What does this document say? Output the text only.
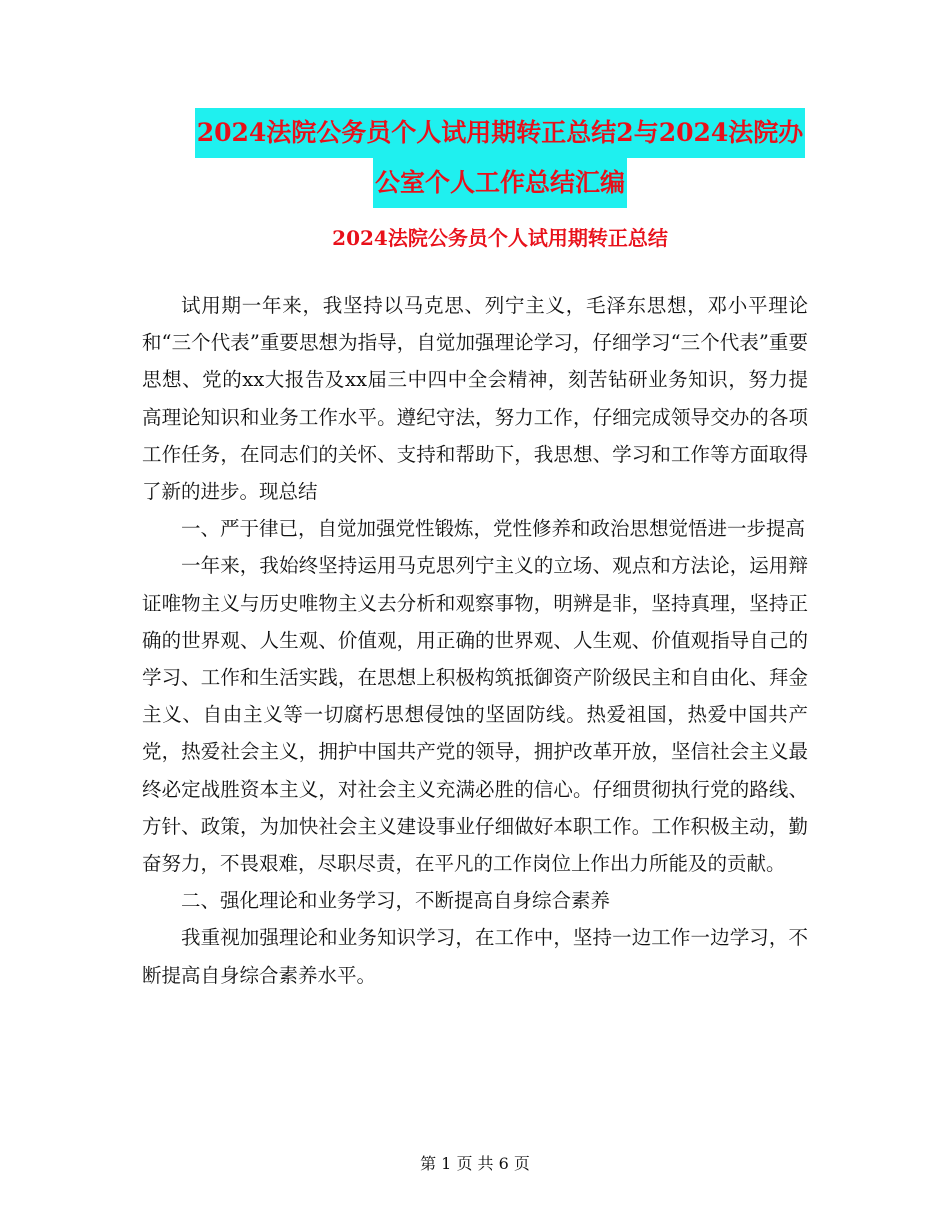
2024法院公务员个人试用期转正总结2与2024法院办
公室个人工作总结汇编
2024法院公务员个人试用期转正总结

试用期一年来，我坚持以马克思、列宁主义，毛泽东思想，邓小平理论和“三个代表”重要思想为指导，自觉加强理论学习，仔细学习“三个代表”重要思想、党的xx大报告及xx届三中四中全会精神，刻苦钻研业务知识，努力提高理论知识和业务工作水平。遵纪守法，努力工作，仔细完成领导交办的各项工作任务，在同志们的关怀、支持和帮助下，我思想、学习和工作等方面取得了新的进步。现总结

一、严于律已，自觉加强党性锻炼，党性修养和政治思想觉悟进一步提高

一年来，我始终坚持运用马克思列宁主义的立场、观点和方法论，运用辩证唯物主义与历史唯物主义去分析和观察事物，明辨是非，坚持真理，坚持正确的世界观、人生观、价值观，用正确的世界观、人生观、价值观指导自己的学习、工作和生活实践，在思想上积极构筑抵御资产阶级民主和自由化、拜金主义、自由主义等一切腐朽思想侵蚀的坚固防线。热爱祖国，热爱中国共产党，热爱社会主义，拥护中国共产党的领导，拥护改革开放，坚信社会主义最终必定战胜资本主义，对社会主义充满必胜的信心。仔细贯彻执行党的路线、方针、政策，为加快社会主义建设事业仔细做好本职工作。工作积极主动，勤奋努力，不畏艰难，尽职尽责，在平凡的工作岗位上作出力所能及的贡献。

二、强化理论和业务学习，不断提高自身综合素养

我重视加强理论和业务知识学习，在工作中，坚持一边工作一边学习，不断提高自身综合素养水平。

第 1 页 共 6 页
